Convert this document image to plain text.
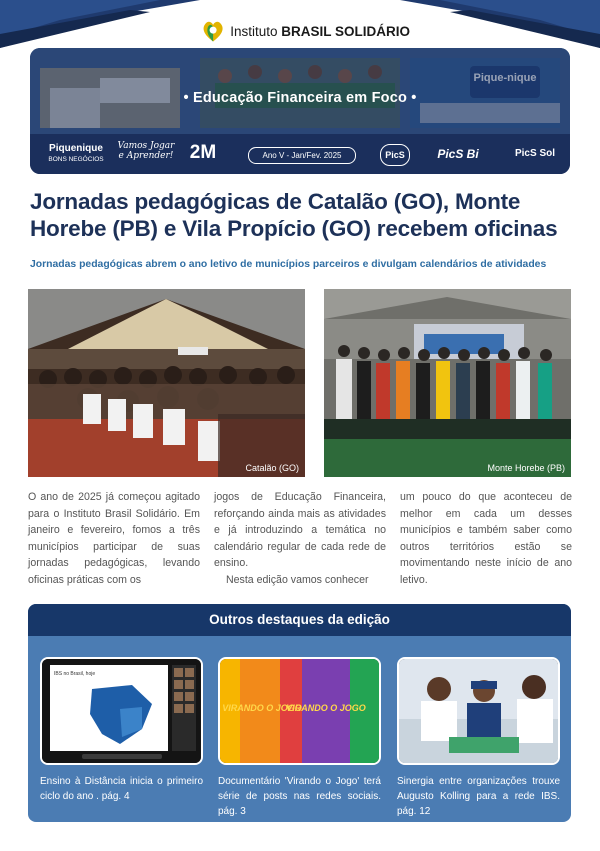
Instituto BRASIL SOLIDÁRIO
Pique-nique
• Educação Financeira em Foco •
Piquenique
BONS NEGÓCIOS
Vamos Jogar e Aprender! 2M	Ano V - Jan/Fev. 2025	PicS	PicS Bi	PicS Sol
Jornadas pedagógicas de Catalão (GO), Monte Horebe (PB) e Vila Propício (GO) recebem oficinas

Jornadas pedagógicas abrem o ano letivo de municípios parceiros e divulgam calendários de atividades

Catalão (GO)	Monte Horebe (PB)

O ano de 2025 já começou agitado para o Instituto Brasil Solidário. Em janeiro e fevereiro, fomos a três municípios participar de suas jornadas pedagógicas, levando oficinas práticas com os

jogos de Educação Financeira, reforçando ainda mais as atividades e já introduzindo a temática no calendário regular de cada rede de ensino.
Nesta edição vamos conhecer

um pouco do que aconteceu de melhor em cada um desses municípios e também saber como outros territórios estão se movimentando neste início de ano letivo.

Outros destaques da edição
IBS no Brasil, hoje
Ensino à Distância inicia o primeiro ciclo do ano . pág. 4
VIRANDO O JOGO
VIRANDO O JOGO
Documentário 'Virando o Jogo' terá série de posts nas redes sociais. pág. 3
Sinergia entre organizações trouxe Augusto Kolling para a rede IBS. pág. 12
